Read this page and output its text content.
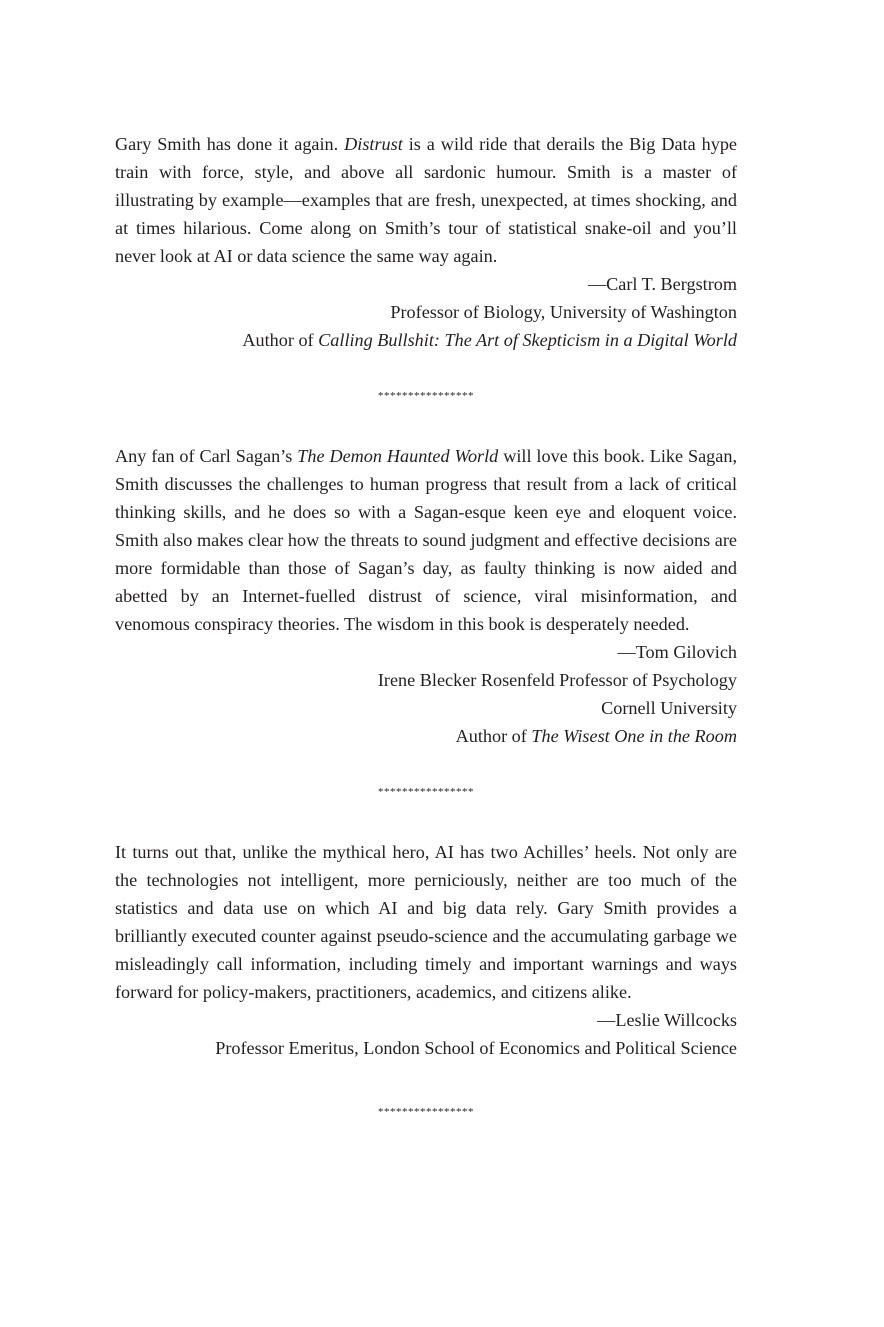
Gary Smith has done it again. Distrust is a wild ride that derails the Big Data hype train with force, style, and above all sardonic humour. Smith is a master of illustrating by example—examples that are fresh, unexpected, at times shocking, and at times hilarious. Come along on Smith’s tour of statistical snake-oil and you’ll never look at AI or data science the same way again.

—Carl T. Bergstrom
Professor of Biology, University of Washington
Author of Calling Bullshit: The Art of Skepticism in a Digital World
****************

Any fan of Carl Sagan’s The Demon Haunted World will love this book. Like Sagan, Smith discusses the challenges to human progress that result from a lack of critical thinking skills, and he does so with a Sagan-esque keen eye and eloquent voice. Smith also makes clear how the threats to sound judgment and effective decisions are more formidable than those of Sagan’s day, as faulty thinking is now aided and abetted by an Internet-fuelled distrust of science, viral misinformation, and venomous conspiracy theories. The wisdom in this book is desperately needed.

—Tom Gilovich
Irene Blecker Rosenfeld Professor of Psychology
Cornell University
Author of The Wisest One in the Room
****************

It turns out that, unlike the mythical hero, AI has two Achilles’ heels. Not only are the technologies not intelligent, more perniciously, neither are too much of the statistics and data use on which AI and big data rely. Gary Smith provides a brilliantly executed counter against pseudo-science and the accumulating garbage we misleadingly call information, including timely and important warnings and ways forward for policy-makers, practitioners, academics, and citizens alike.

—Leslie Willcocks
Professor Emeritus, London School of Economics and Political Science
****************
